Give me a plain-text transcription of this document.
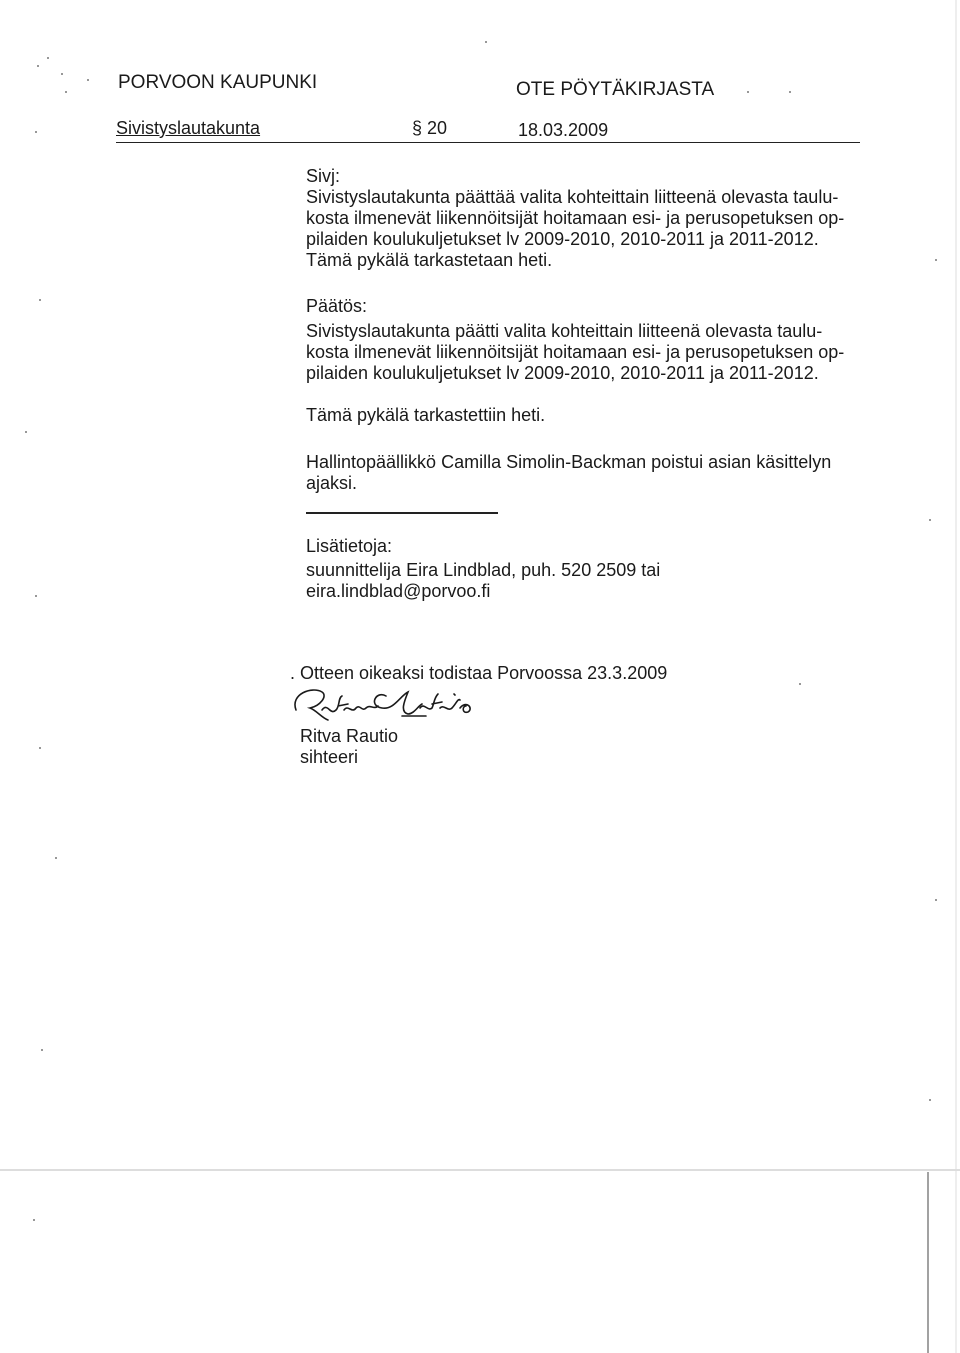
PORVOON KAUPUNKI	OTE PÖYTÄKIRJASTA
Sivistyslautakunta	§ 20	18.03.2009
Sivj:
Sivistyslautakunta päättää valita kohteittain liitteenä olevasta taulu-
kosta ilmenevät liikennöitsijät hoitamaan esi- ja perusopetuksen op-
pilaiden koulukuljetukset lv 2009-2010, 2010-2011 ja 2011-2012.
Tämä pykälä tarkastetaan heti.
Päätös:
Sivistyslautakunta päätti valita kohteittain liitteenä olevasta taulu-
kosta ilmenevät liikennöitsijät hoitamaan esi- ja perusopetuksen op-
pilaiden koulukuljetukset lv 2009-2010, 2010-2011 ja 2011-2012.
Tämä pykälä tarkastettiin heti.
Hallintopäällikkö Camilla Simolin-Backman poistui asian käsittelyn
ajaksi.
Lisätietoja:
suunnittelija Eira Lindblad, puh. 520 2509 tai
eira.lindblad@porvoo.fi
. Otteen oikeaksi todistaa Porvoossa 23.3.2009
Ritva Rautio
sihteeri
